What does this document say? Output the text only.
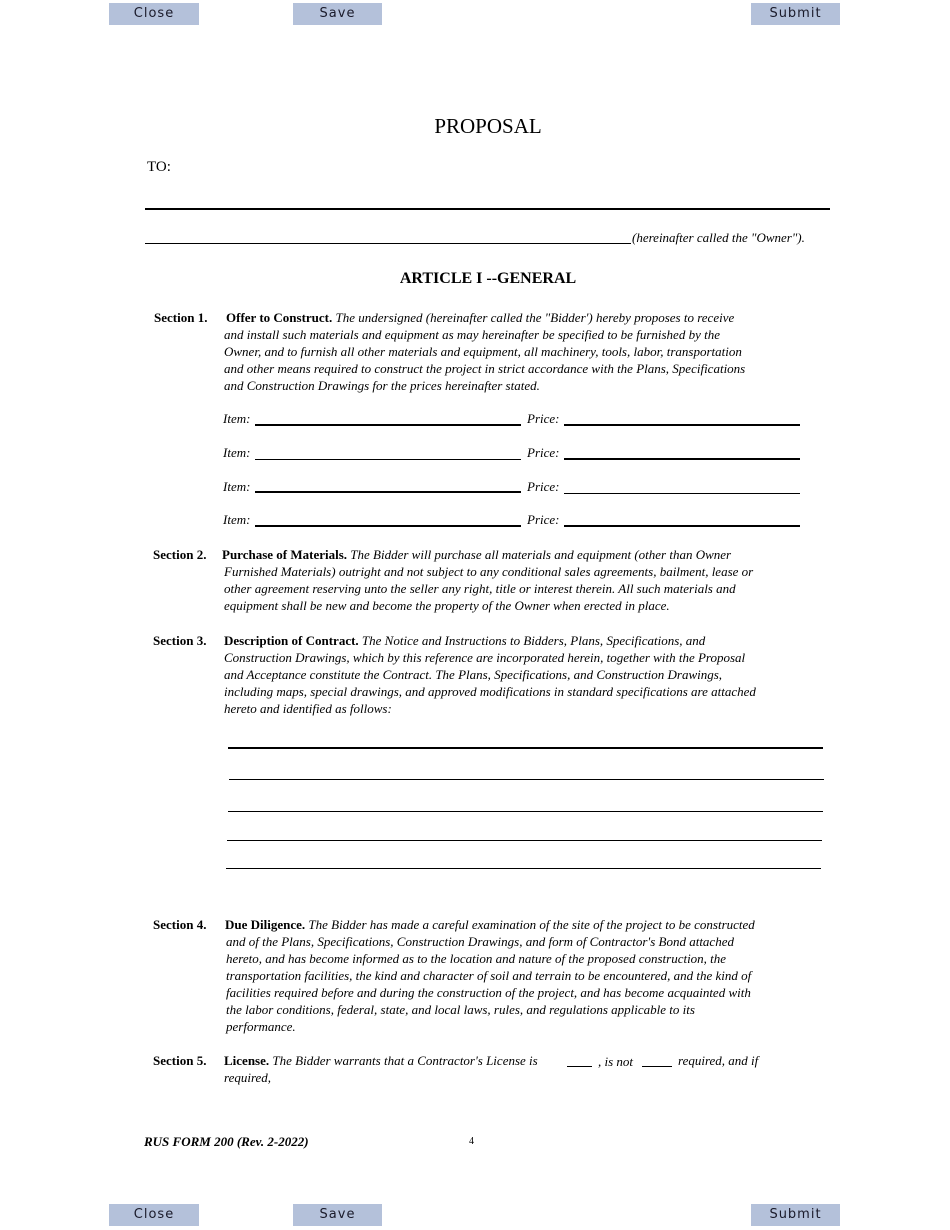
Close	Save	Submit
PROPOSAL
TO:
(hereinafter called the "Owner").
ARTICLE I --GENERAL
Section 1. Offer to Construct. The undersigned (hereinafter called the "Bidder') hereby proposes to receive
and install such materials and equipment as may hereinafter be specified to be furnished by the
Owner, and to furnish all other materials and equipment, all machinery, tools, labor, transportation
and other means required to construct the project in strict accordance with the Plans, Specifications
and Construction Drawings for the prices hereinafter stated.
Item:	Price:
Item:	Price:
Item:	Price:
Item:	Price:
Section 2. Purchase of Materials. The Bidder will purchase all materials and equipment (other than Owner
Furnished Materials) outright and not subject to any conditional sales agreements, bailment, lease or
other agreement reserving unto the seller any right, title or interest therein. All such materials and
equipment shall be new and become the property of the Owner when erected in place.
Section 3. Description of Contract. The Notice and Instructions to Bidders, Plans, Specifications, and
Construction Drawings, which by this reference are incorporated herein, together with the Proposal
and Acceptance constitute the Contract. The Plans, Specifications, and Construction Drawings,
including maps, special drawings, and approved modifications in standard specifications are attached
hereto and identified as follows:
Section 4. Due Diligence. The Bidder has made a careful examination of the site of the project to be constructed
and of the Plans, Specifications, Construction Drawings, and form of Contractor's Bond attached
hereto, and has become informed as to the location and nature of the proposed construction, the
transportation facilities, the kind and character of soil and terrain to be encountered, and the kind of
facilities required before and during the construction of the project, and has become acquainted with
the labor conditions, federal, state, and local laws, rules, and regulations applicable to its
performance.
Section 5. License. The Bidder warrants that a Contractor's License is	, is not	required, and if
required,
RUS FORM 200 (Rev. 2-2022)	4
Close	Save	Submit
